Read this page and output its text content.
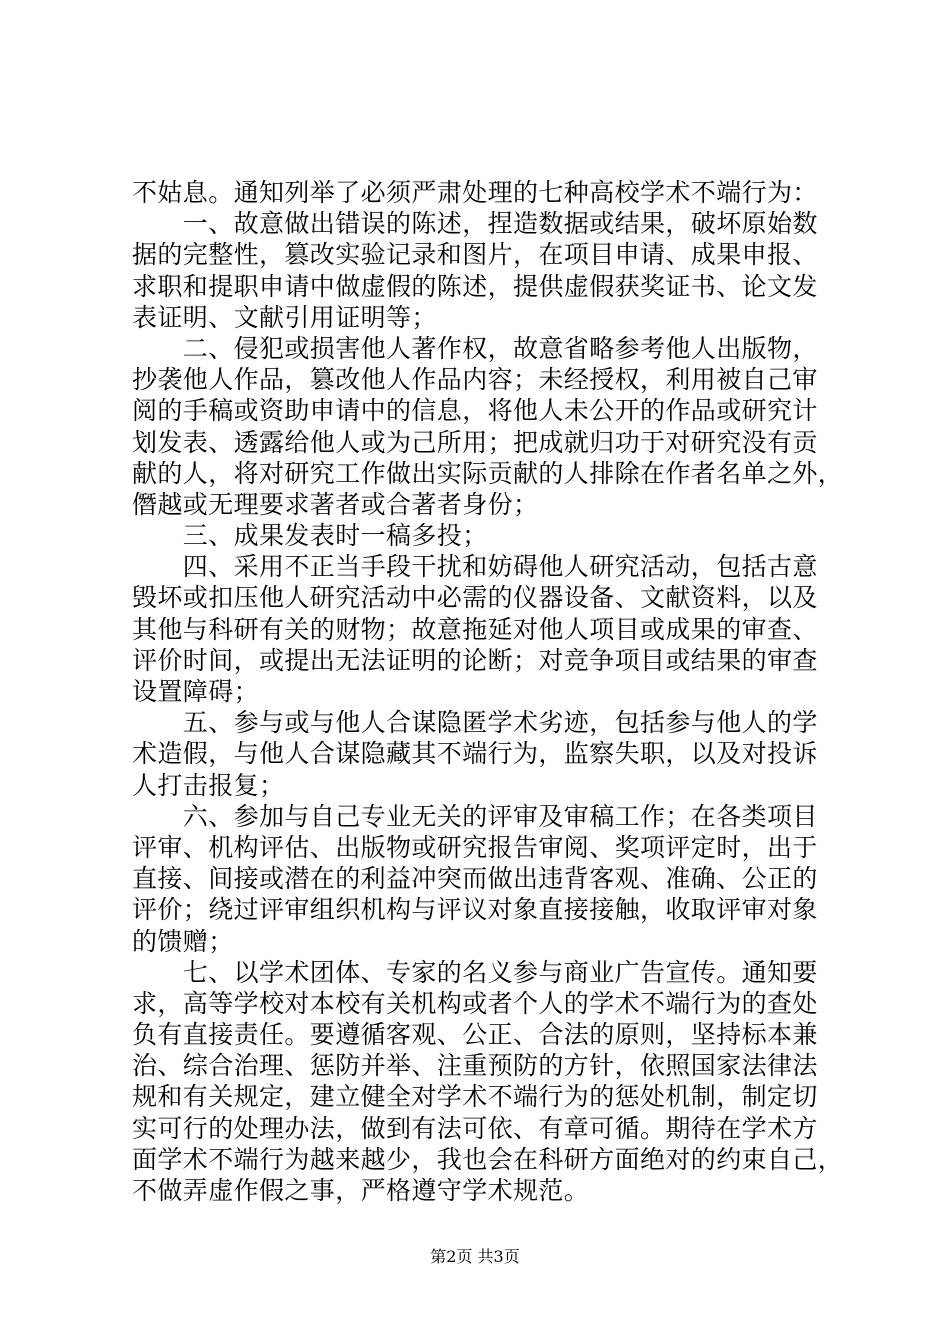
不姑息。通知列举了必须严肃处理的七种高校学术不端行为：
　　一、故意做出错误的陈述，捏造数据或结果，破坏原始数
据的完整性，篡改实验记录和图片，在项目申请、成果申报、
求职和提职申请中做虚假的陈述，提供虚假获奖证书、论文发
表证明、文献引用证明等；
　　二、侵犯或损害他人著作权，故意省略参考他人出版物，
抄袭他人作品，篡改他人作品内容；未经授权，利用被自己审
阅的手稿或资助申请中的信息，将他人未公开的作品或研究计
划发表、透露给他人或为己所用；把成就归功于对研究没有贡
献的人，将对研究工作做出实际贡献的人排除在作者名单之外，
僭越或无理要求著者或合著者身份；
　　三、成果发表时一稿多投；
　　四、采用不正当手段干扰和妨碍他人研究活动，包括古意
毁坏或扣压他人研究活动中必需的仪器设备、文献资料，以及
其他与科研有关的财物；故意拖延对他人项目或成果的审查、
评价时间，或提出无法证明的论断；对竞争项目或结果的审查
设置障碍；
　　五、参与或与他人合谋隐匿学术劣迹，包括参与他人的学
术造假，与他人合谋隐藏其不端行为，监察失职，以及对投诉
人打击报复；
　　六、参加与自己专业无关的评审及审稿工作；在各类项目
评审、机构评估、出版物或研究报告审阅、奖项评定时，出于
直接、间接或潜在的利益冲突而做出违背客观、准确、公正的
评价；绕过评审组织机构与评议对象直接接触，收取评审对象
的馈赠；
　　七、以学术团体、专家的名义参与商业广告宣传。通知要
求，高等学校对本校有关机构或者个人的学术不端行为的查处
负有直接责任。要遵循客观、公正、合法的原则，坚持标本兼
治、综合治理、惩防并举、注重预防的方针，依照国家法律法
规和有关规定，建立健全对学术不端行为的惩处机制，制定切
实可行的处理办法，做到有法可依、有章可循。期待在学术方
面学术不端行为越来越少，我也会在科研方面绝对的约束自己，
不做弄虚作假之事，严格遵守学术规范。
第2页 共3页
